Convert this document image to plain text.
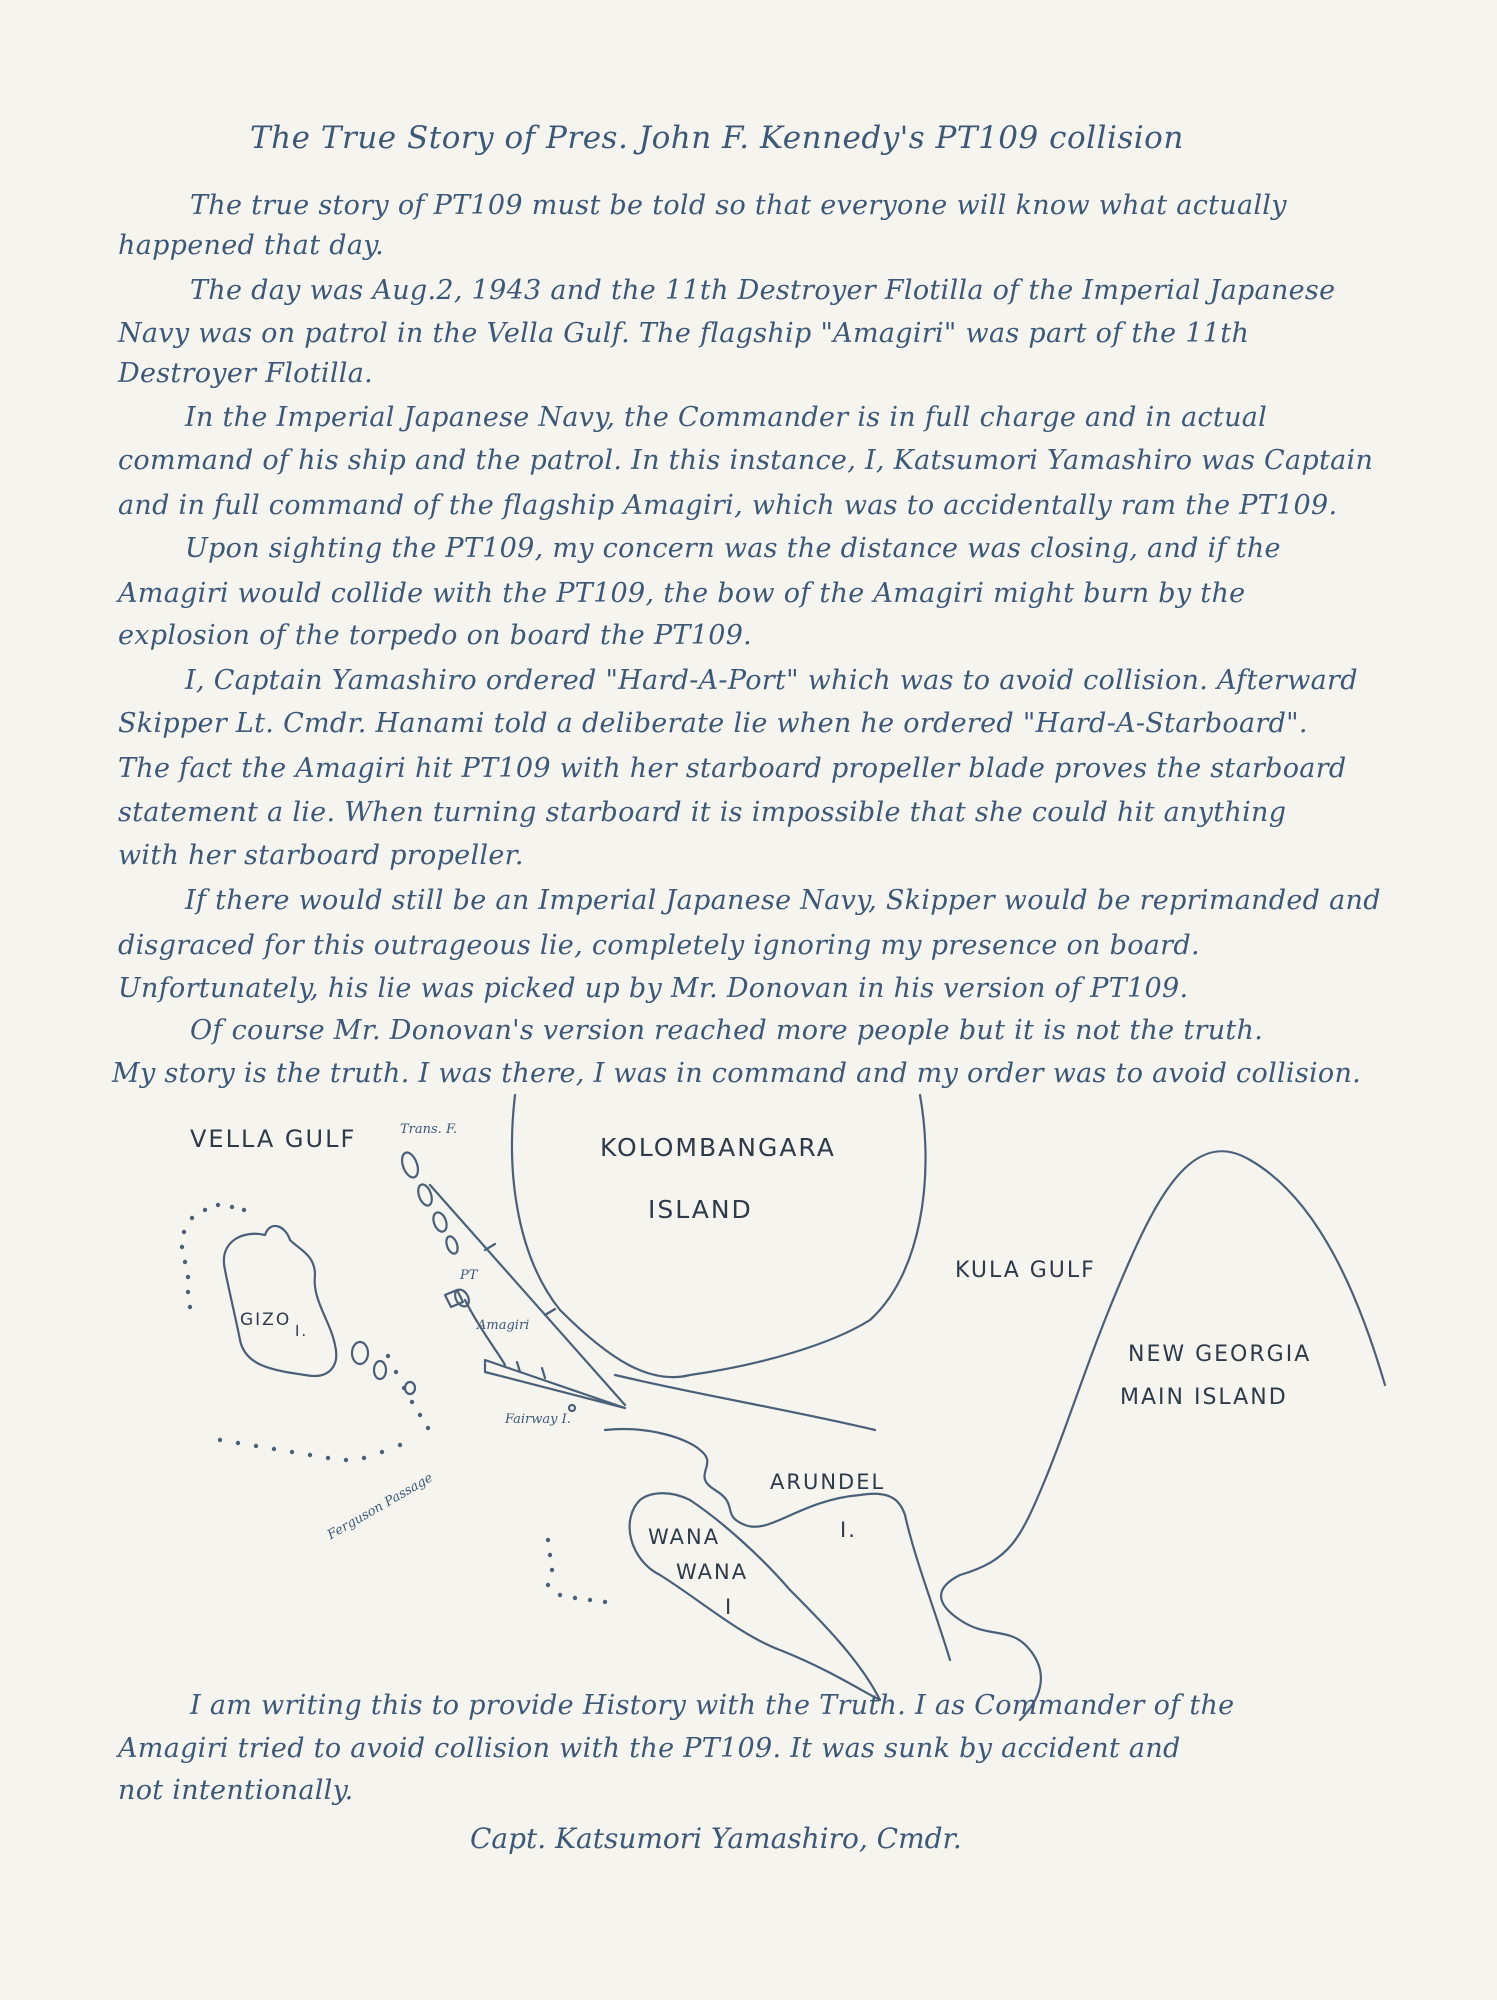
The True Story of Pres. John F. Kennedy's PT109 collision
The true story of PT109 must be told so that everyone will know what actually
happened that day.
The day was Aug.2, 1943 and the 11th Destroyer Flotilla of the Imperial Japanese
Navy was on patrol in the Vella Gulf. The flagship "Amagiri" was part of the 11th
Destroyer Flotilla.
In the Imperial Japanese Navy, the Commander is in full charge and in actual
command of his ship and the patrol. In this instance, I, Katsumori Yamashiro was Captain
and in full command of the flagship Amagiri, which was to accidentally ram the PT109.
Upon sighting the PT109, my concern was the distance was closing, and if the
Amagiri would collide with the PT109, the bow of the Amagiri might burn by the
explosion of the torpedo on board the PT109.
I, Captain Yamashiro ordered "Hard-A-Port" which was to avoid collision. Afterward
Skipper Lt. Cmdr. Hanami told a deliberate lie when he ordered "Hard-A-Starboard".
The fact the Amagiri hit PT109 with her starboard propeller blade proves the starboard
statement a lie. When turning starboard it is impossible that she could hit anything
with her starboard propeller.
If there would still be an Imperial Japanese Navy, Skipper would be reprimanded and
disgraced for this outrageous lie, completely ignoring my presence on board.
Unfortunately, his lie was picked up by Mr. Donovan in his version of PT109.
Of course Mr. Donovan's version reached more people but it is not the truth.
My story is the truth. I was there, I was in command and my order was to avoid collision.
VELLA GULF	Trans. F.
KOLOMBANGARA
ISLAND
KULA GULF
PT
GIZO
I.	Amagiri
NEW GEORGIA
MAIN ISLAND
Fairway I.
ARUNDEL
I.
Ferguson Passage	WANA
WANA
I
I am writing this to provide History with the Truth. I as Commander of the
Amagiri tried to avoid collision with the PT109. It was sunk by accident and
not intentionally.
Capt. Katsumori Yamashiro, Cmdr.
